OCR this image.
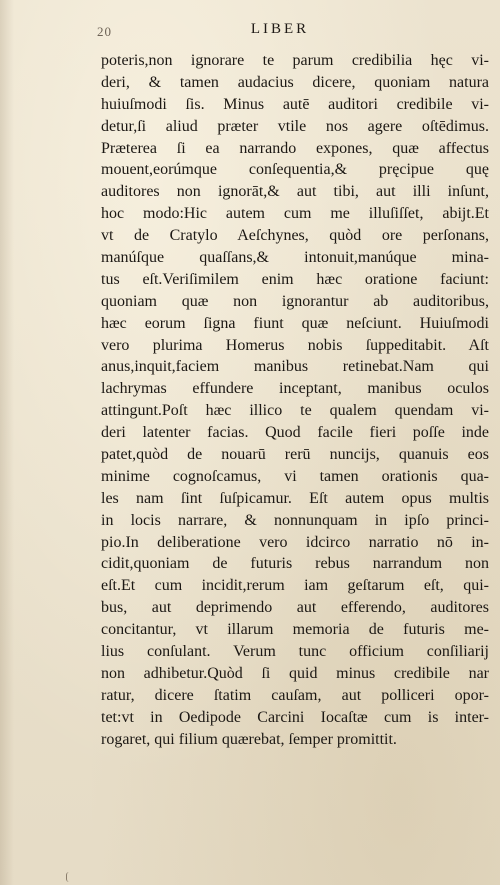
20	LIBER
poteris,non ignorare te parum credibilia hęc vi-
deri, & tamen audacius dicere, quoniam natura
huiuſmodi ſis. Minus autē auditori credibile vi-
detur,ſi aliud præter vtile nos agere oſtēdimus.
Præterea ſi ea narrando expones, quæ affectus
mouent,eorúmque conſequentia,& pręcipue quę
auditores non ignorāt,& aut tibi, aut illi inſunt,
hoc modo:Hic autem cum me illuſiſſet, abijt.Et
vt de Cratylo Aeſchynes, quòd ore perſonans,
manúſque quaſſans,& intonuit,manúque mina-
tus eſt.Veriſimilem enim hæc oratione faciunt:
quoniam quæ non ignorantur ab auditoribus,
hæc eorum ſigna fiunt quæ neſciunt. Huiuſmodi
vero plurima Homerus nobis ſuppeditabit. Aſt
anus,inquit,faciem manibus retinebat.Nam qui
lachrymas effundere inceptant, manibus oculos
attingunt.Poſt hæc illico te qualem quendam vi-
deri latenter facias. Quod facile fieri poſſe inde
patet,quòd de nouarū rerū nuncijs, quanuis eos
minime cognoſcamus, vi tamen orationis qua-
les nam ſint ſuſpicamur. Eſt autem opus multis
in locis narrare, & nonnunquam in ipſo princi-
pio.In deliberatione vero idcirco narratio nō in-
cidit,quoniam de futuris rebus narrandum non
eſt.Et cum incidit,rerum iam geſtarum eſt, qui-
bus, aut deprimendo aut efferendo, auditores
concitantur, vt illarum memoria de futuris me-
lius conſulant. Verum tunc officium conſiliarij
non adhibetur.Quòd ſi quid minus credibile nar
ratur, dicere ſtatim cauſam, aut polliceri opor-
tet:vt in Oedipode Carcini Iocaſtæ cum is inter-
rogaret, qui filium quærebat, ſemper promittit.
